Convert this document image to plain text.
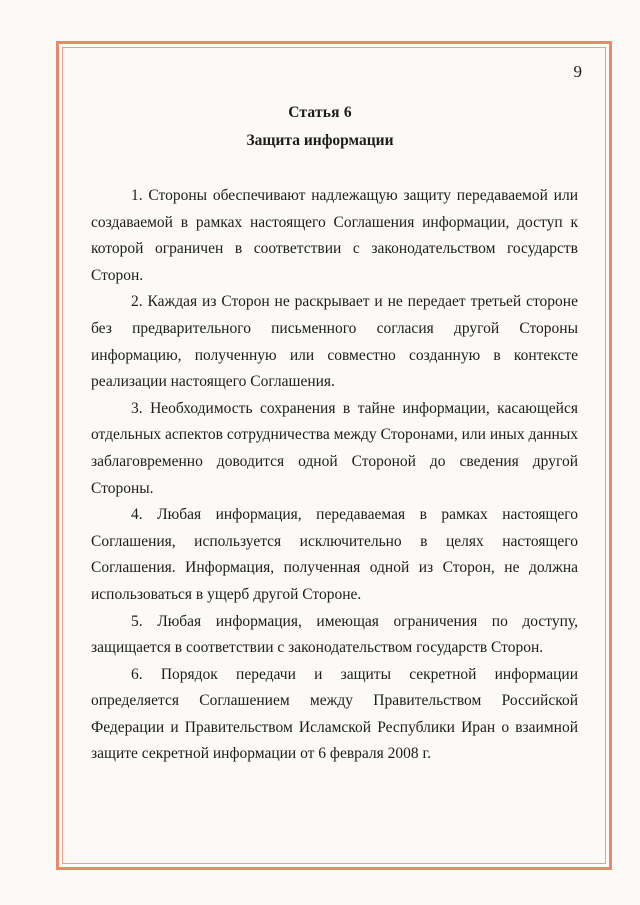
9
Статья 6
Защита информации

1. Стороны обеспечивают надлежащую защиту передаваемой или создаваемой в рамках настоящего Соглашения информации, доступ к которой ограничен в соответствии с законодательством государств Сторон.

2. Каждая из Сторон не раскрывает и не передает третьей стороне без предварительного письменного согласия другой Стороны информацию, полученную или совместно созданную в контексте реализации настоящего Соглашения.

3. Необходимость сохранения в тайне информации, касающейся отдельных аспектов сотрудничества между Сторонами, или иных данных заблаговременно доводится одной Стороной до сведения другой Стороны.

4. Любая информация, передаваемая в рамках настоящего Соглашения, используется исключительно в целях настоящего Соглашения. Информация, полученная одной из Сторон, не должна использоваться в ущерб другой Стороне.

5. Любая информация, имеющая ограничения по доступу, защищается в соответствии с законодательством государств Сторон.

6. Порядок передачи и защиты секретной информации определяется Соглашением между Правительством Российской Федерации и Правительством Исламской Республики Иран о взаимной защите секретной информации от 6 февраля 2008 г.
